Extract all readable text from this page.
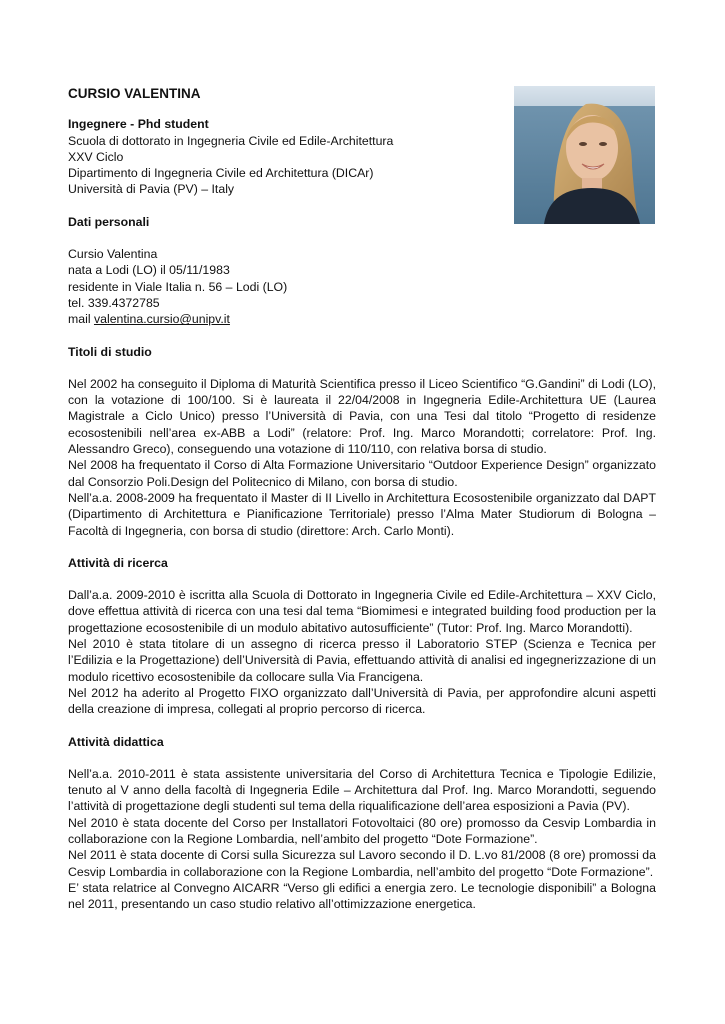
CURSIO VALENTINA
Ingegnere - Phd student
Scuola di dottorato in Ingegneria Civile ed Edile-Architettura
XXV Ciclo
Dipartimento di Ingegneria Civile ed Architettura (DICAr)
Università di Pavia (PV) – Italy
Dati personali
Cursio Valentina
nata a Lodi (LO) il 05/11/1983
residente in Viale Italia n. 56 – Lodi (LO)
tel. 339.4372785
mail valentina.cursio@unipv.it
Titoli di studio

Nel 2002 ha conseguito il Diploma di Maturità Scientifica presso il Liceo Scientifico “G.Gandini” di Lodi (LO), con la votazione di 100/100. Si è laureata il 22/04/2008 in Ingegneria Edile-Architettura UE (Laurea Magistrale a Ciclo Unico) presso l’Università di Pavia, con una Tesi dal titolo “Progetto di residenze ecosostenibili nell’area ex-ABB a Lodi” (relatore: Prof. Ing. Marco Morandotti; correlatore: Prof. Ing. Alessandro Greco), conseguendo una votazione di 110/110, con relativa borsa di studio.

Nel 2008 ha frequentato il Corso di Alta Formazione Universitario “Outdoor Experience Design” organizzato dal Consorzio Poli.Design del Politecnico di Milano, con borsa di studio.

Nell’a.a. 2008-2009 ha frequentato il Master di II Livello in Architettura Ecosostenibile organizzato dal DAPT (Dipartimento di Architettura e Pianificazione Territoriale) presso l’Alma Mater Studiorum di Bologna – Facoltà di Ingegneria, con borsa di studio (direttore: Arch. Carlo Monti).

Attività di ricerca

Dall’a.a. 2009-2010 è iscritta alla Scuola di Dottorato in Ingegneria Civile ed Edile-Architettura – XXV Ciclo, dove effettua attività di ricerca con una tesi dal tema “Biomimesi e integrated building food production per la progettazione ecosostenibile di un modulo abitativo autosufficiente” (Tutor: Prof. Ing. Marco Morandotti).

Nel 2010 è stata titolare di un assegno di ricerca presso il Laboratorio STEP (Scienza e Tecnica per l’Edilizia e la Progettazione) dell’Università di Pavia, effettuando attività di analisi ed ingegnerizzazione di un modulo ricettivo ecosostenibile da collocare sulla Via Francigena.

Nel 2012 ha aderito al Progetto FIXO organizzato dall’Università di Pavia, per approfondire alcuni aspetti della creazione di impresa, collegati al proprio percorso di ricerca.

Attività didattica

Nell’a.a. 2010-2011 è stata assistente universitaria del Corso di Architettura Tecnica e Tipologie Edilizie, tenuto al V anno della facoltà di Ingegneria Edile – Architettura dal Prof. Ing. Marco Morandotti, seguendo l’attività di progettazione degli studenti sul tema della riqualificazione dell’area esposizioni a Pavia (PV).

Nel 2010 è stata docente del Corso per Installatori Fotovoltaici (80 ore) promosso da Cesvip Lombardia in collaborazione con la Regione Lombardia, nell’ambito del progetto “Dote Formazione”.

Nel 2011 è stata docente di Corsi sulla Sicurezza sul Lavoro secondo il D. L.vo 81/2008 (8 ore) promossi da Cesvip Lombardia in collaborazione con la Regione Lombardia, nell’ambito del progetto “Dote Formazione”.

E’ stata relatrice al Convegno AICARR “Verso gli edifici a energia zero. Le tecnologie disponibili” a Bologna nel 2011, presentando un caso studio relativo all’ottimizzazione energetica.
